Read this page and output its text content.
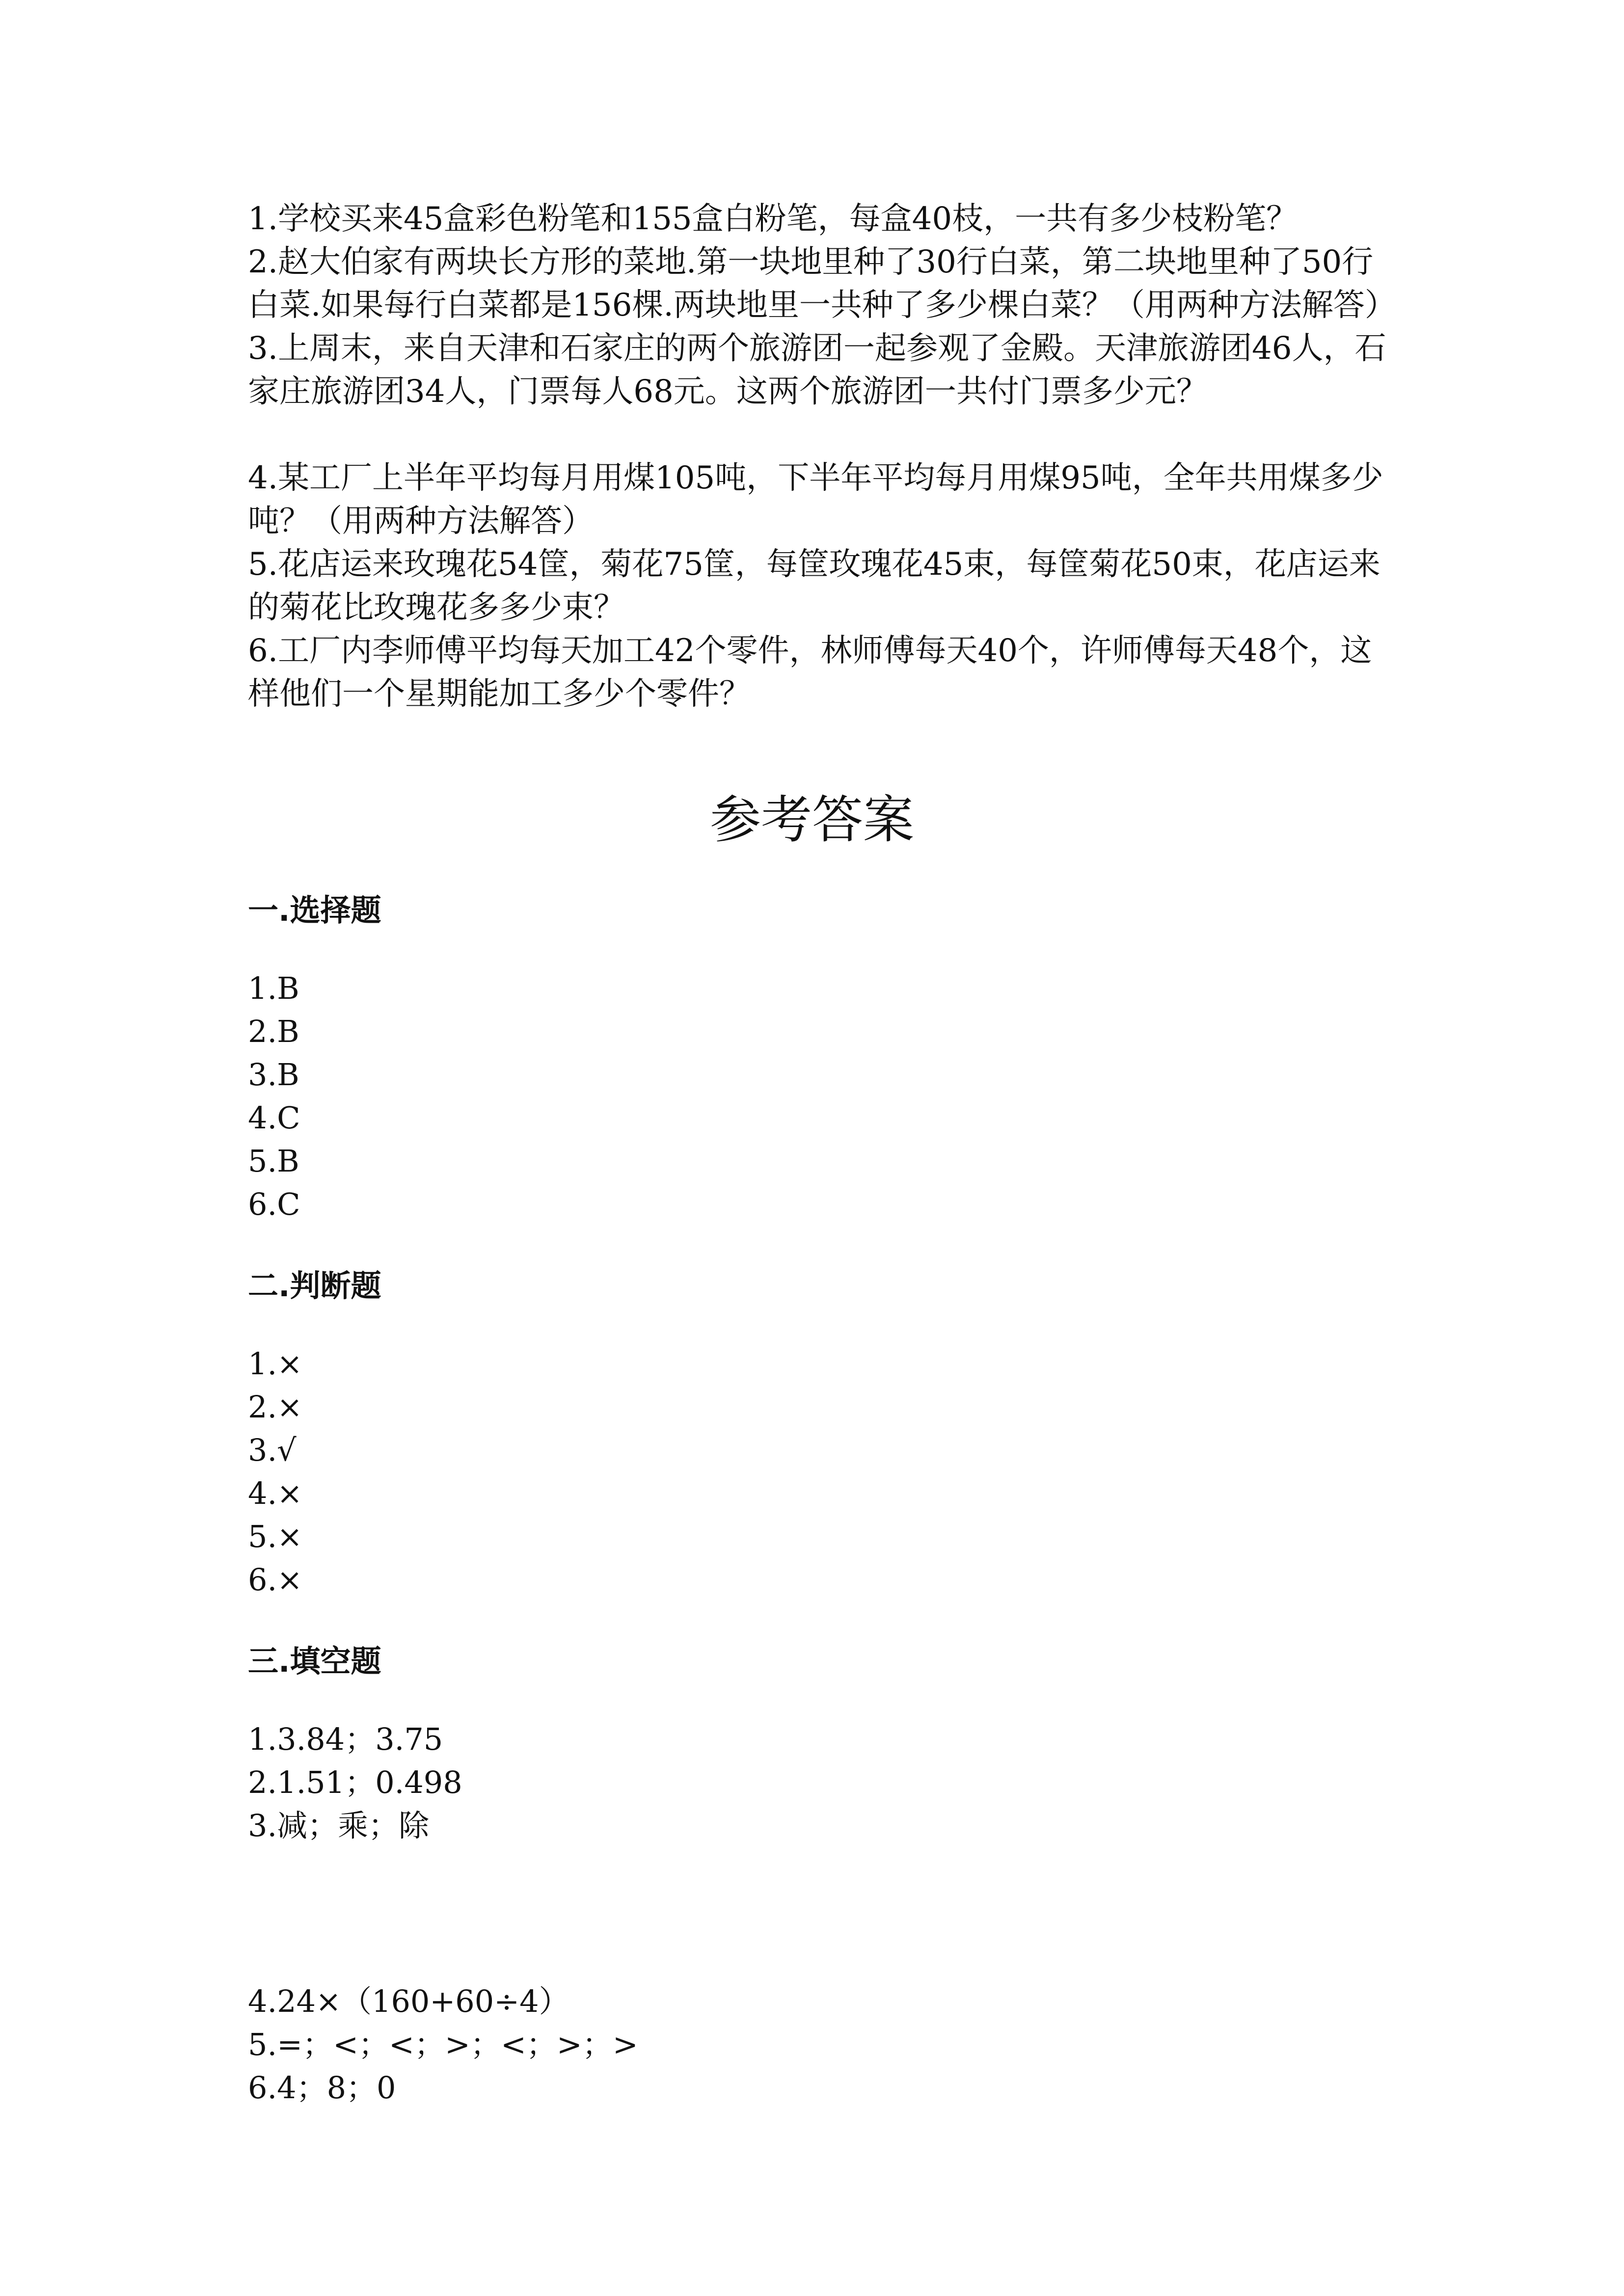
1.学校买来45盒彩色粉笔和155盒白粉笔，每盒40枝，一共有多少枝粉笔？

2.赵大伯家有两块长方形的菜地.第一块地里种了30行白菜，第二块地里种了50行白菜.如果每行白菜都是156棵.两块地里一共种了多少棵白菜？（用两种方法解答）

3.上周末，来自天津和石家庄的两个旅游团一起参观了金殿。天津旅游团46人，石家庄旅游团34人，门票每人68元。这两个旅游团一共付门票多少元？

4.某工厂上半年平均每月用煤105吨，下半年平均每月用煤95吨，全年共用煤多少吨？（用两种方法解答）

5.花店运来玫瑰花54筐，菊花75筐，每筐玫瑰花45束，每筐菊花50束，花店运来的菊花比玫瑰花多多少束？

6.工厂内李师傅平均每天加工42个零件，林师傅每天40个，许师傅每天48个，这样他们一个星期能加工多少个零件？

参考答案

一.选择题

1.B
2.B
3.B
4.C
5.B
6.C

二.判断题

1.×
2.×
3.√
4.×
5.×
6.×

三.填空题

1.3.84；3.75
2.1.51；0.498
3.减；乘；除
4.24×（160+60÷4）
5.=；<；<；>；<；>；>
6.4；8；0
